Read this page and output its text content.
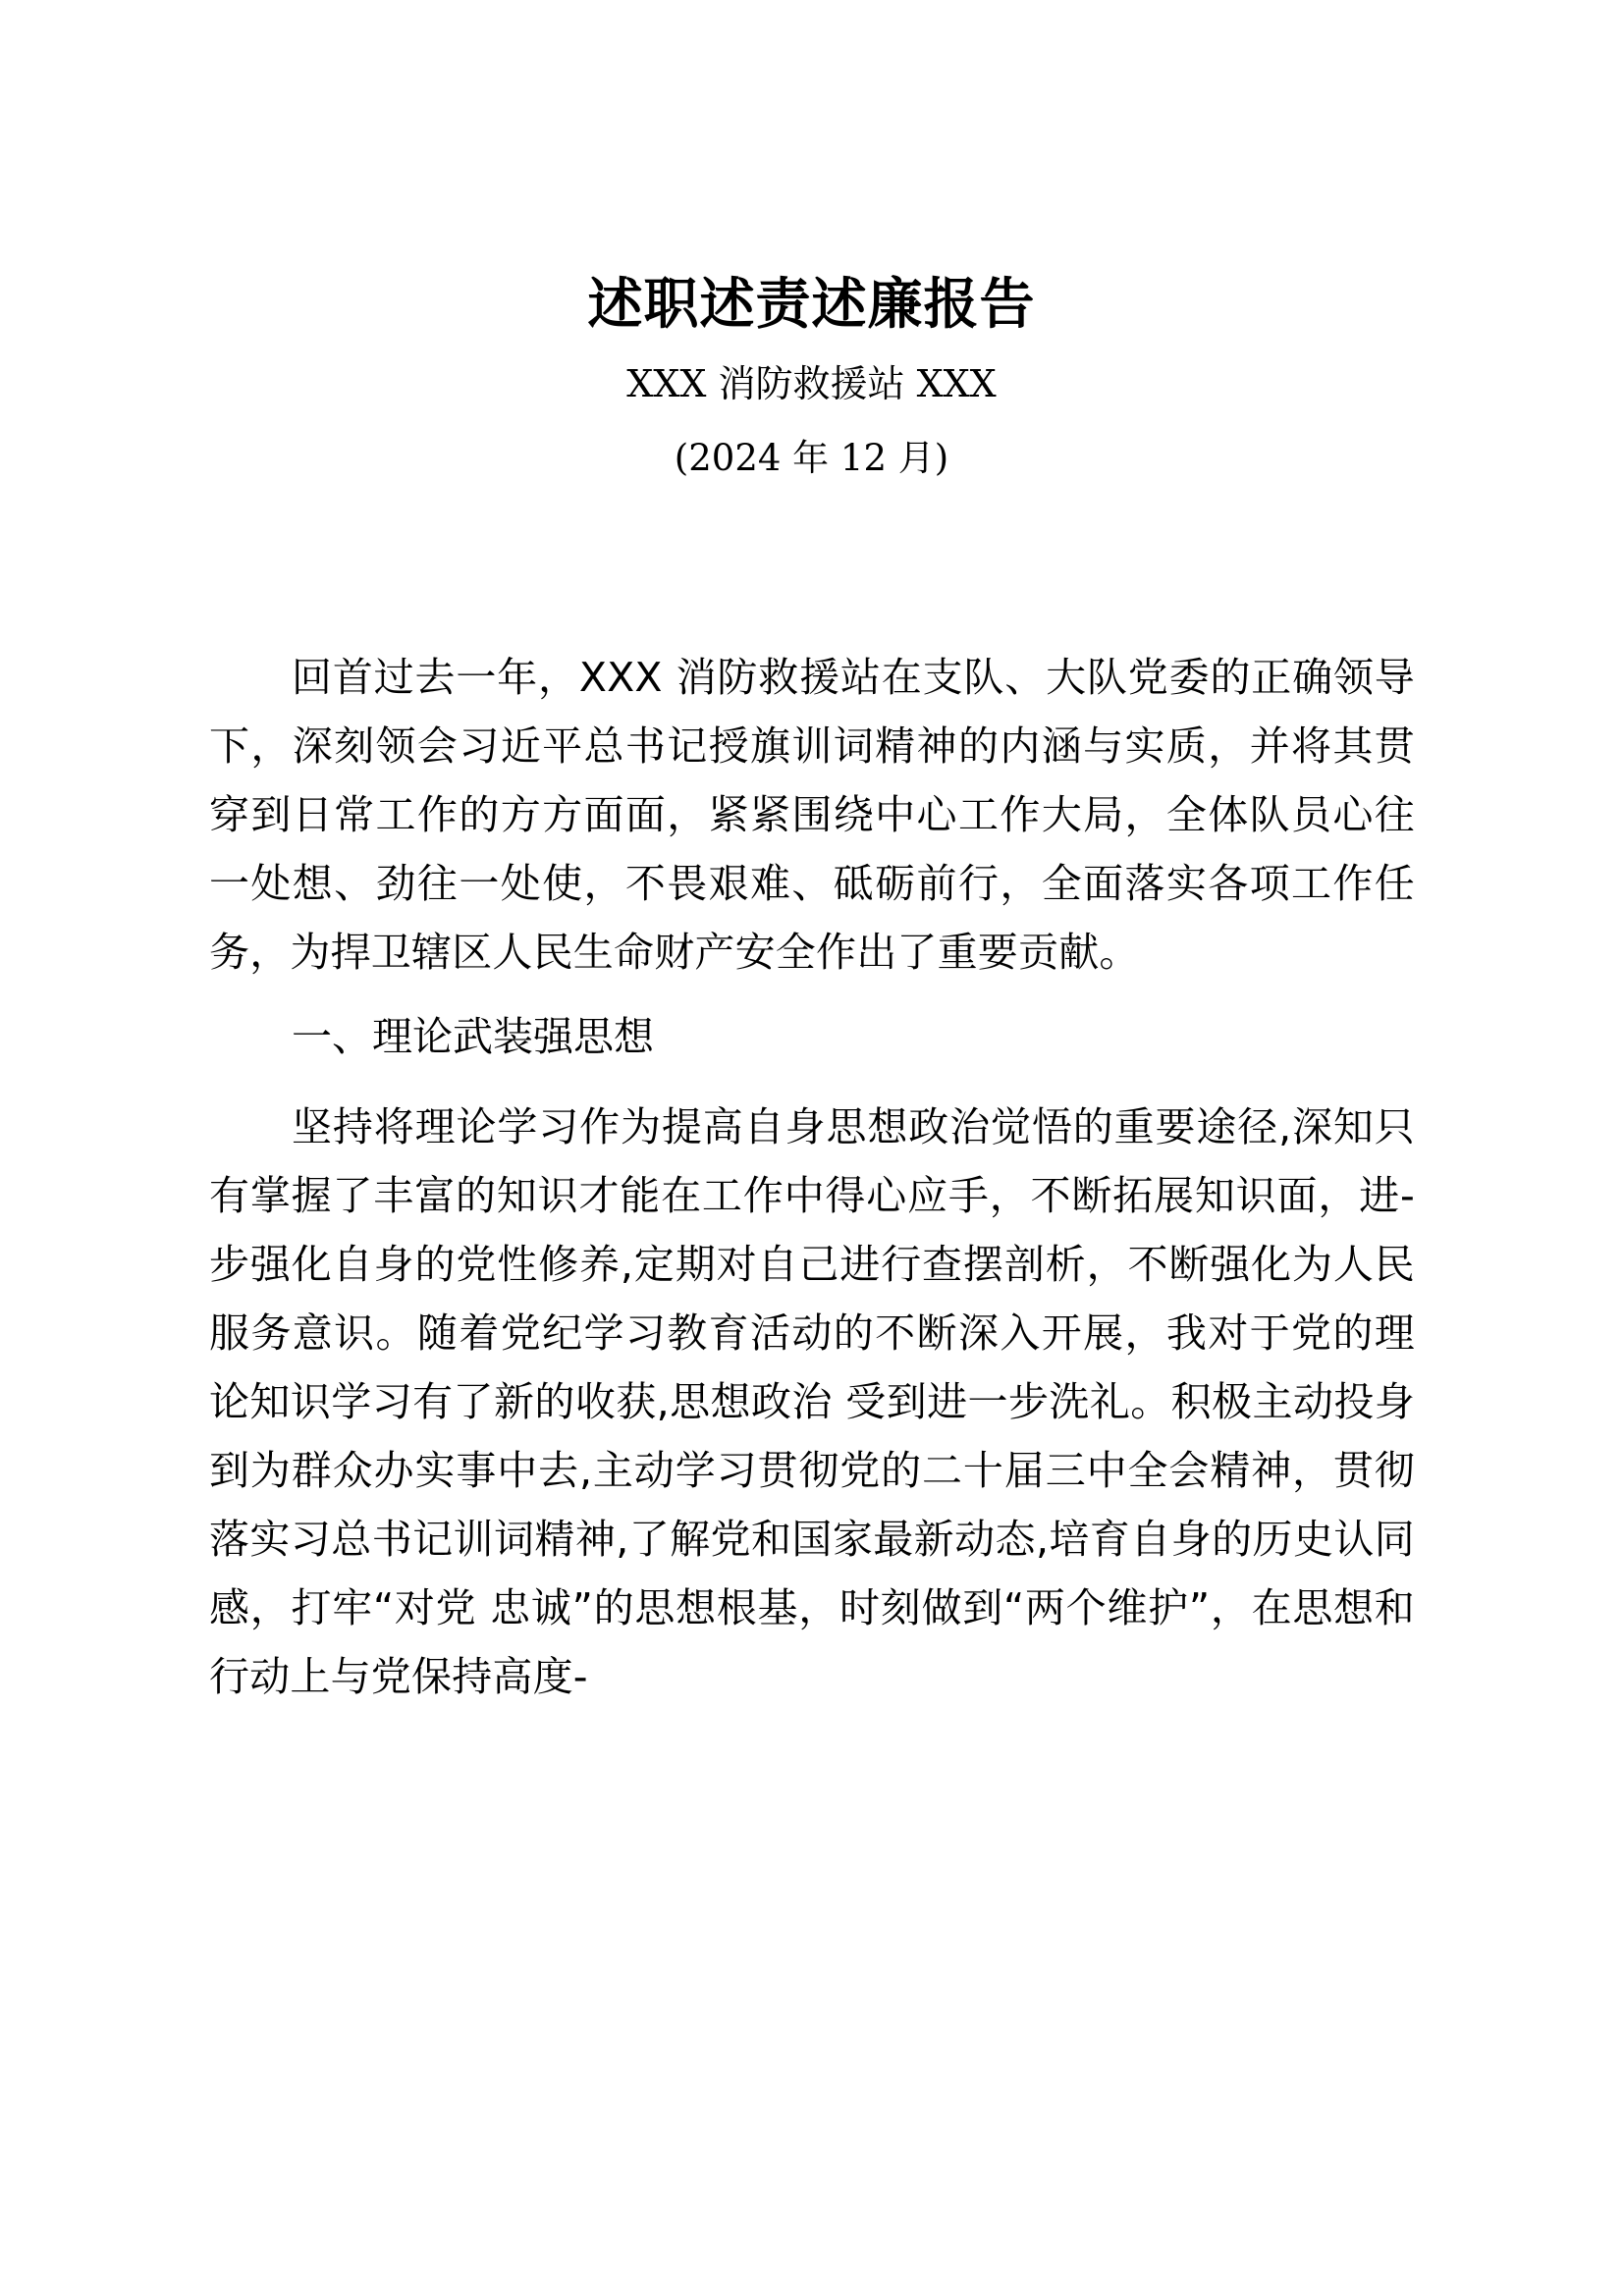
述职述责述廉报告

XXX 消防救援站 XXX

(2024 年 12 月)

回首过去一年，XXX 消防救援站在支队、大队党委的正确领导下，深刻领会习近平总书记授旗训词精神的内涵与实质，并将其贯穿到日常工作的方方面面，紧紧围绕中心工作大局，全体队员心往一处想、劲往一处使，不畏艰难、砥砺前行，全面落实各项工作任务，为捍卫辖区人民生命财产安全作出了重要贡献。

一、理论武装强思想

坚持将理论学习作为提高自身思想政治觉悟的重要途径,深知只有掌握了丰富的知识才能在工作中得心应手，不断拓展知识面，进-步强化自身的党性修养,定期对自己进行查摆剖析，不断强化为人民服务意识。随着党纪学习教育活动的不断深入开展，我对于党的理论知识学习有了新的收获,思想政治 受到进一步洗礼。积极主动投身到为群众办实事中去,主动学习贯彻党的二十届三中全会精神，贯彻落实习总书记训词精神,了解党和国家最新动态,培育自身的历史认同感，打牢“对党 忠诚”的思想根基，时刻做到“两个维护”，在思想和行动上与党保持高度-
